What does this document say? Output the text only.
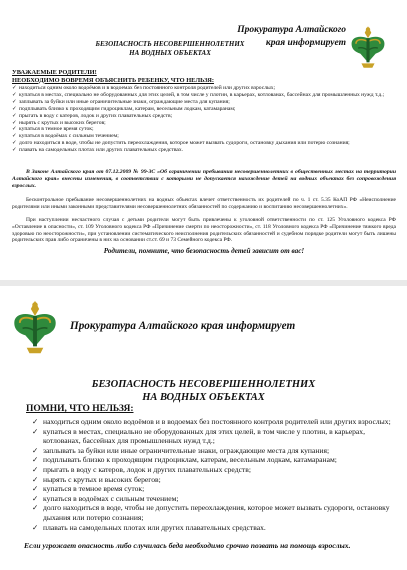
Прокуратура Алтайского края информирует
БЕЗОПАСНОСТЬ НЕСОВЕРШЕННОЛЕТНИХ
НА ВОДНЫХ ОБЪЕКТАХ
УВАЖАЕМЫЕ РОДИТЕЛИ!
НЕОБХОДИМО ВОВРЕМЯ ОБЪЯСНИТЬ РЕБЕНКУ, ЧТО НЕЛЬЗЯ:
✓ находиться одним около водоёмов и в водоемах без постоянного контроля родителей или других взрослых;
✓ купаться в местах, специально не оборудованных для этих целей, в том числе у плотин, в карьерах, котлованах, бассейнах для промышленных нужд т.д.;
✓ заплывать за буйки или иные ограничительные знаки, ограждающие места для купания;
✓ подплывать близко к проходящим гидроциклам, катерам, весельным лодкам, катамаранам;
✓ прыгать в воду с катеров, лодок и других плавательных средств;
✓ нырять с крутых и высоких берегов;
✓ купаться в темное время суток;
✓ купаться в водоёмах с сильным течением;
✓ долго находиться в воде, чтобы не допустить переохлаждения, которое может вызвать судороги, остановку дыхания или потерю сознания;
✓ плавать на самодельных плотах или других плавательных средствах.

В Законе Алтайского края от 07.12.2009 № 99-ЗС «Об ограничении пребывания несовершеннолетних в общественных местах на территории Алтайского края» внесены изменения, в соответствии с которыми не допускается нахождение детей на водных объектах без сопровождения взрослых.

Бесконтрольное пребывание несовершеннолетних на водных объектах влечет ответственность их родителей по ч. 1 ст. 5.35 КоАП РФ «Неисполнение родителями или иными законными представителями несовершеннолетних обязанностей по содержанию и воспитанию несовершеннолетних».

При наступлении несчастного случая с детьми родители могут быть привлечены к уголовной ответственности по ст. 125 Уголовного кодекса РФ «Оставление в опасности», ст. 109 Уголовного кодекса РФ «Причинение смерти по неосторожности», ст. 118 Уголовного кодекса РФ «Причинение тяжкого вреда здоровью по неосторожности», при установлении систематического неисполнения родительских обязанностей и судебном порядке родители могут быть лишены родительских прав либо ограничены в них на основании ст.ст. 69 и 73 Семейного кодекса РФ.

Родители, помните, что безопасность детей зависит от вас!
Прокуратура Алтайского края информирует
БЕЗОПАСНОСТЬ НЕСОВЕРШЕННОЛЕТНИХ
НА ВОДНЫХ ОБЪЕКТАХ
ПОМНИ, ЧТО НЕЛЬЗЯ:
✓ находиться одним около водоёмов и в водоемах без постоянного контроля родителей или других взрослых;
✓ купаться в местах, специально не оборудованных для этих целей, в том числе у плотин, в карьерах, котлованах, бассейнах для промышленных нужд т.д.;
✓ заплывать за буйки или иные ограничительные знаки, ограждающие места для купания;
✓ подплывать близко к проходящим гидроциклам, катерам, весельным лодкам, катамаранам;
✓ прыгать в воду с катеров, лодок и других плавательных средств;
✓ нырять с крутых и высоких берегов;
✓ купаться в темное время суток;
✓ купаться в водоёмах с сильным течением;
✓ долго находиться в воде, чтобы не допустить переохлаждения, которое может вызвать судороги, остановку дыхания или потерю сознания;
✓ плавать на самодельных плотах или других плавательных средствах.
Если угрожает опасность либо случилась беда необходимо срочно позвать на помощь взрослых.
